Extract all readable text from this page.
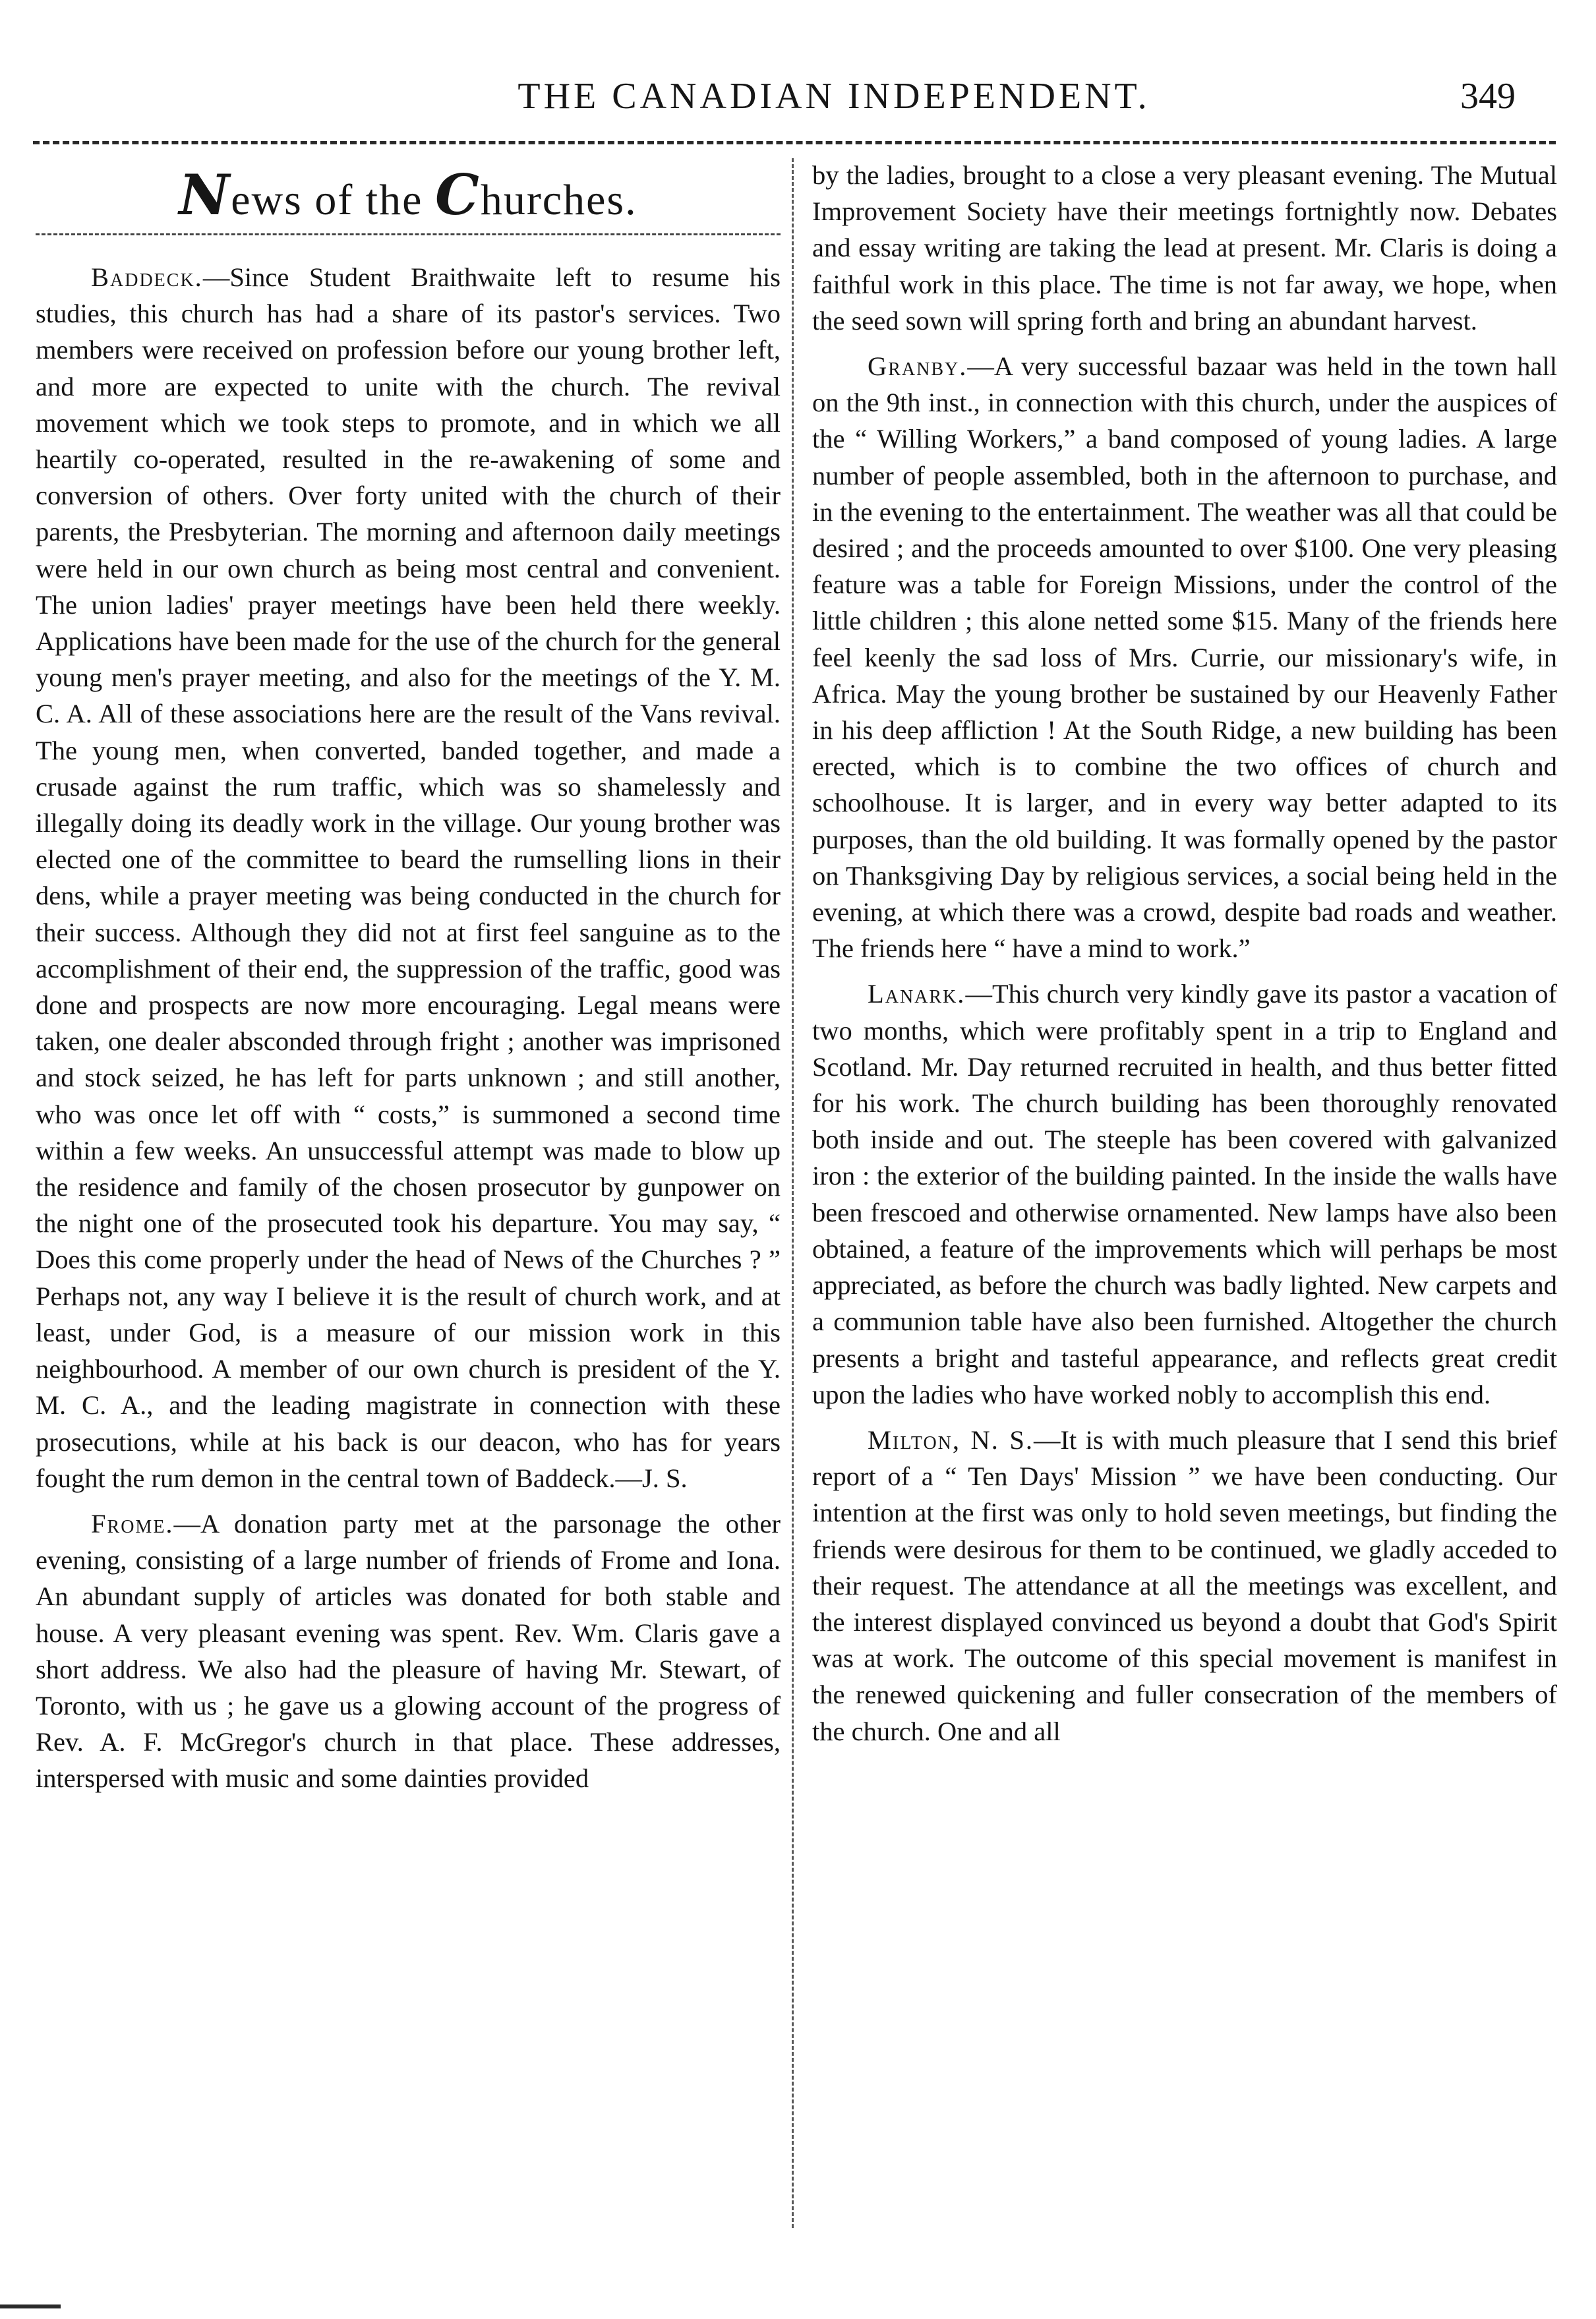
THE CANADIAN INDEPENDENT.	349
News of the Churches.

Baddeck.—Since Student Braithwaite left to resume his studies, this church has had a share of its pastor's services. Two members were received on profession before our young brother left, and more are expected to unite with the church. The revival movement which we took steps to promote, and in which we all heartily co-operated, resulted in the re-awakening of some and conversion of others. Over forty united with the church of their parents, the Presbyterian. The morning and afternoon daily meetings were held in our own church as being most central and convenient. The union ladies' prayer meetings have been held there weekly. Applications have been made for the use of the church for the general young men's prayer meeting, and also for the meetings of the Y. M. C. A. All of these associations here are the result of the Vans revival. The young men, when converted, banded together, and made a crusade against the rum traffic, which was so shamelessly and illegally doing its deadly work in the village. Our young brother was elected one of the committee to beard the rumselling lions in their dens, while a prayer meeting was being conducted in the church for their success. Although they did not at first feel sanguine as to the accomplishment of their end, the suppression of the traffic, good was done and prospects are now more encouraging. Legal means were taken, one dealer absconded through fright ; another was imprisoned and stock seized, he has left for parts unknown ; and still another, who was once let off with “ costs,” is summoned a second time within a few weeks. An unsuccessful attempt was made to blow up the residence and family of the chosen prosecutor by gunpower on the night one of the prosecuted took his departure. You may say, “ Does this come properly under the head of News of the Churches ? ” Perhaps not, any way I believe it is the result of church work, and at least, under God, is a measure of our mission work in this neighbourhood. A member of our own church is president of the Y. M. C. A., and the leading magistrate in connection with these prosecutions, while at his back is our deacon, who has for years fought the rum demon in the central town of Baddeck.—J. S.

Frome.—A donation party met at the parsonage the other evening, consisting of a large number of friends of Frome and Iona. An abundant supply of articles was donated for both stable and house. A very pleasant evening was spent. Rev. Wm. Claris gave a short address. We also had the pleasure of having Mr. Stewart, of Toronto, with us ; he gave us a glowing account of the progress of Rev. A. F. McGregor's church in that place. These addresses, interspersed with music and some dainties provided

by the ladies, brought to a close a very pleasant evening. The Mutual Improvement Society have their meetings fortnightly now. Debates and essay writing are taking the lead at present. Mr. Claris is doing a faithful work in this place. The time is not far away, we hope, when the seed sown will spring forth and bring an abundant harvest.

Granby.—A very successful bazaar was held in the town hall on the 9th inst., in connection with this church, under the auspices of the “ Willing Workers,” a band composed of young ladies. A large number of people assembled, both in the afternoon to purchase, and in the evening to the entertainment. The weather was all that could be desired ; and the proceeds amounted to over $100. One very pleasing feature was a table for Foreign Missions, under the control of the little children ; this alone netted some $15. Many of the friends here feel keenly the sad loss of Mrs. Currie, our missionary's wife, in Africa. May the young brother be sustained by our Heavenly Father in his deep affliction ! At the South Ridge, a new building has been erected, which is to combine the two offices of church and schoolhouse. It is larger, and in every way better adapted to its purposes, than the old building. It was formally opened by the pastor on Thanksgiving Day by religious services, a social being held in the evening, at which there was a crowd, despite bad roads and weather. The friends here “ have a mind to work.”

Lanark.—This church very kindly gave its pastor a vacation of two months, which were profitably spent in a trip to England and Scotland. Mr. Day returned recruited in health, and thus better fitted for his work. The church building has been thoroughly renovated both inside and out. The steeple has been covered with galvanized iron : the exterior of the building painted. In the inside the walls have been frescoed and otherwise ornamented. New lamps have also been obtained, a feature of the improvements which will perhaps be most appreciated, as before the church was badly lighted. New carpets and a communion table have also been furnished. Altogether the church presents a bright and tasteful appearance, and reflects great credit upon the ladies who have worked nobly to accomplish this end.

Milton, N. S.—It is with much pleasure that I send this brief report of a “ Ten Days' Mission ” we have been conducting. Our intention at the first was only to hold seven meetings, but finding the friends were desirous for them to be continued, we gladly acceded to their request. The attendance at all the meetings was excellent, and the interest displayed convinced us beyond a doubt that God's Spirit was at work. The outcome of this special movement is manifest in the renewed quickening and fuller consecration of the members of the church. One and all
